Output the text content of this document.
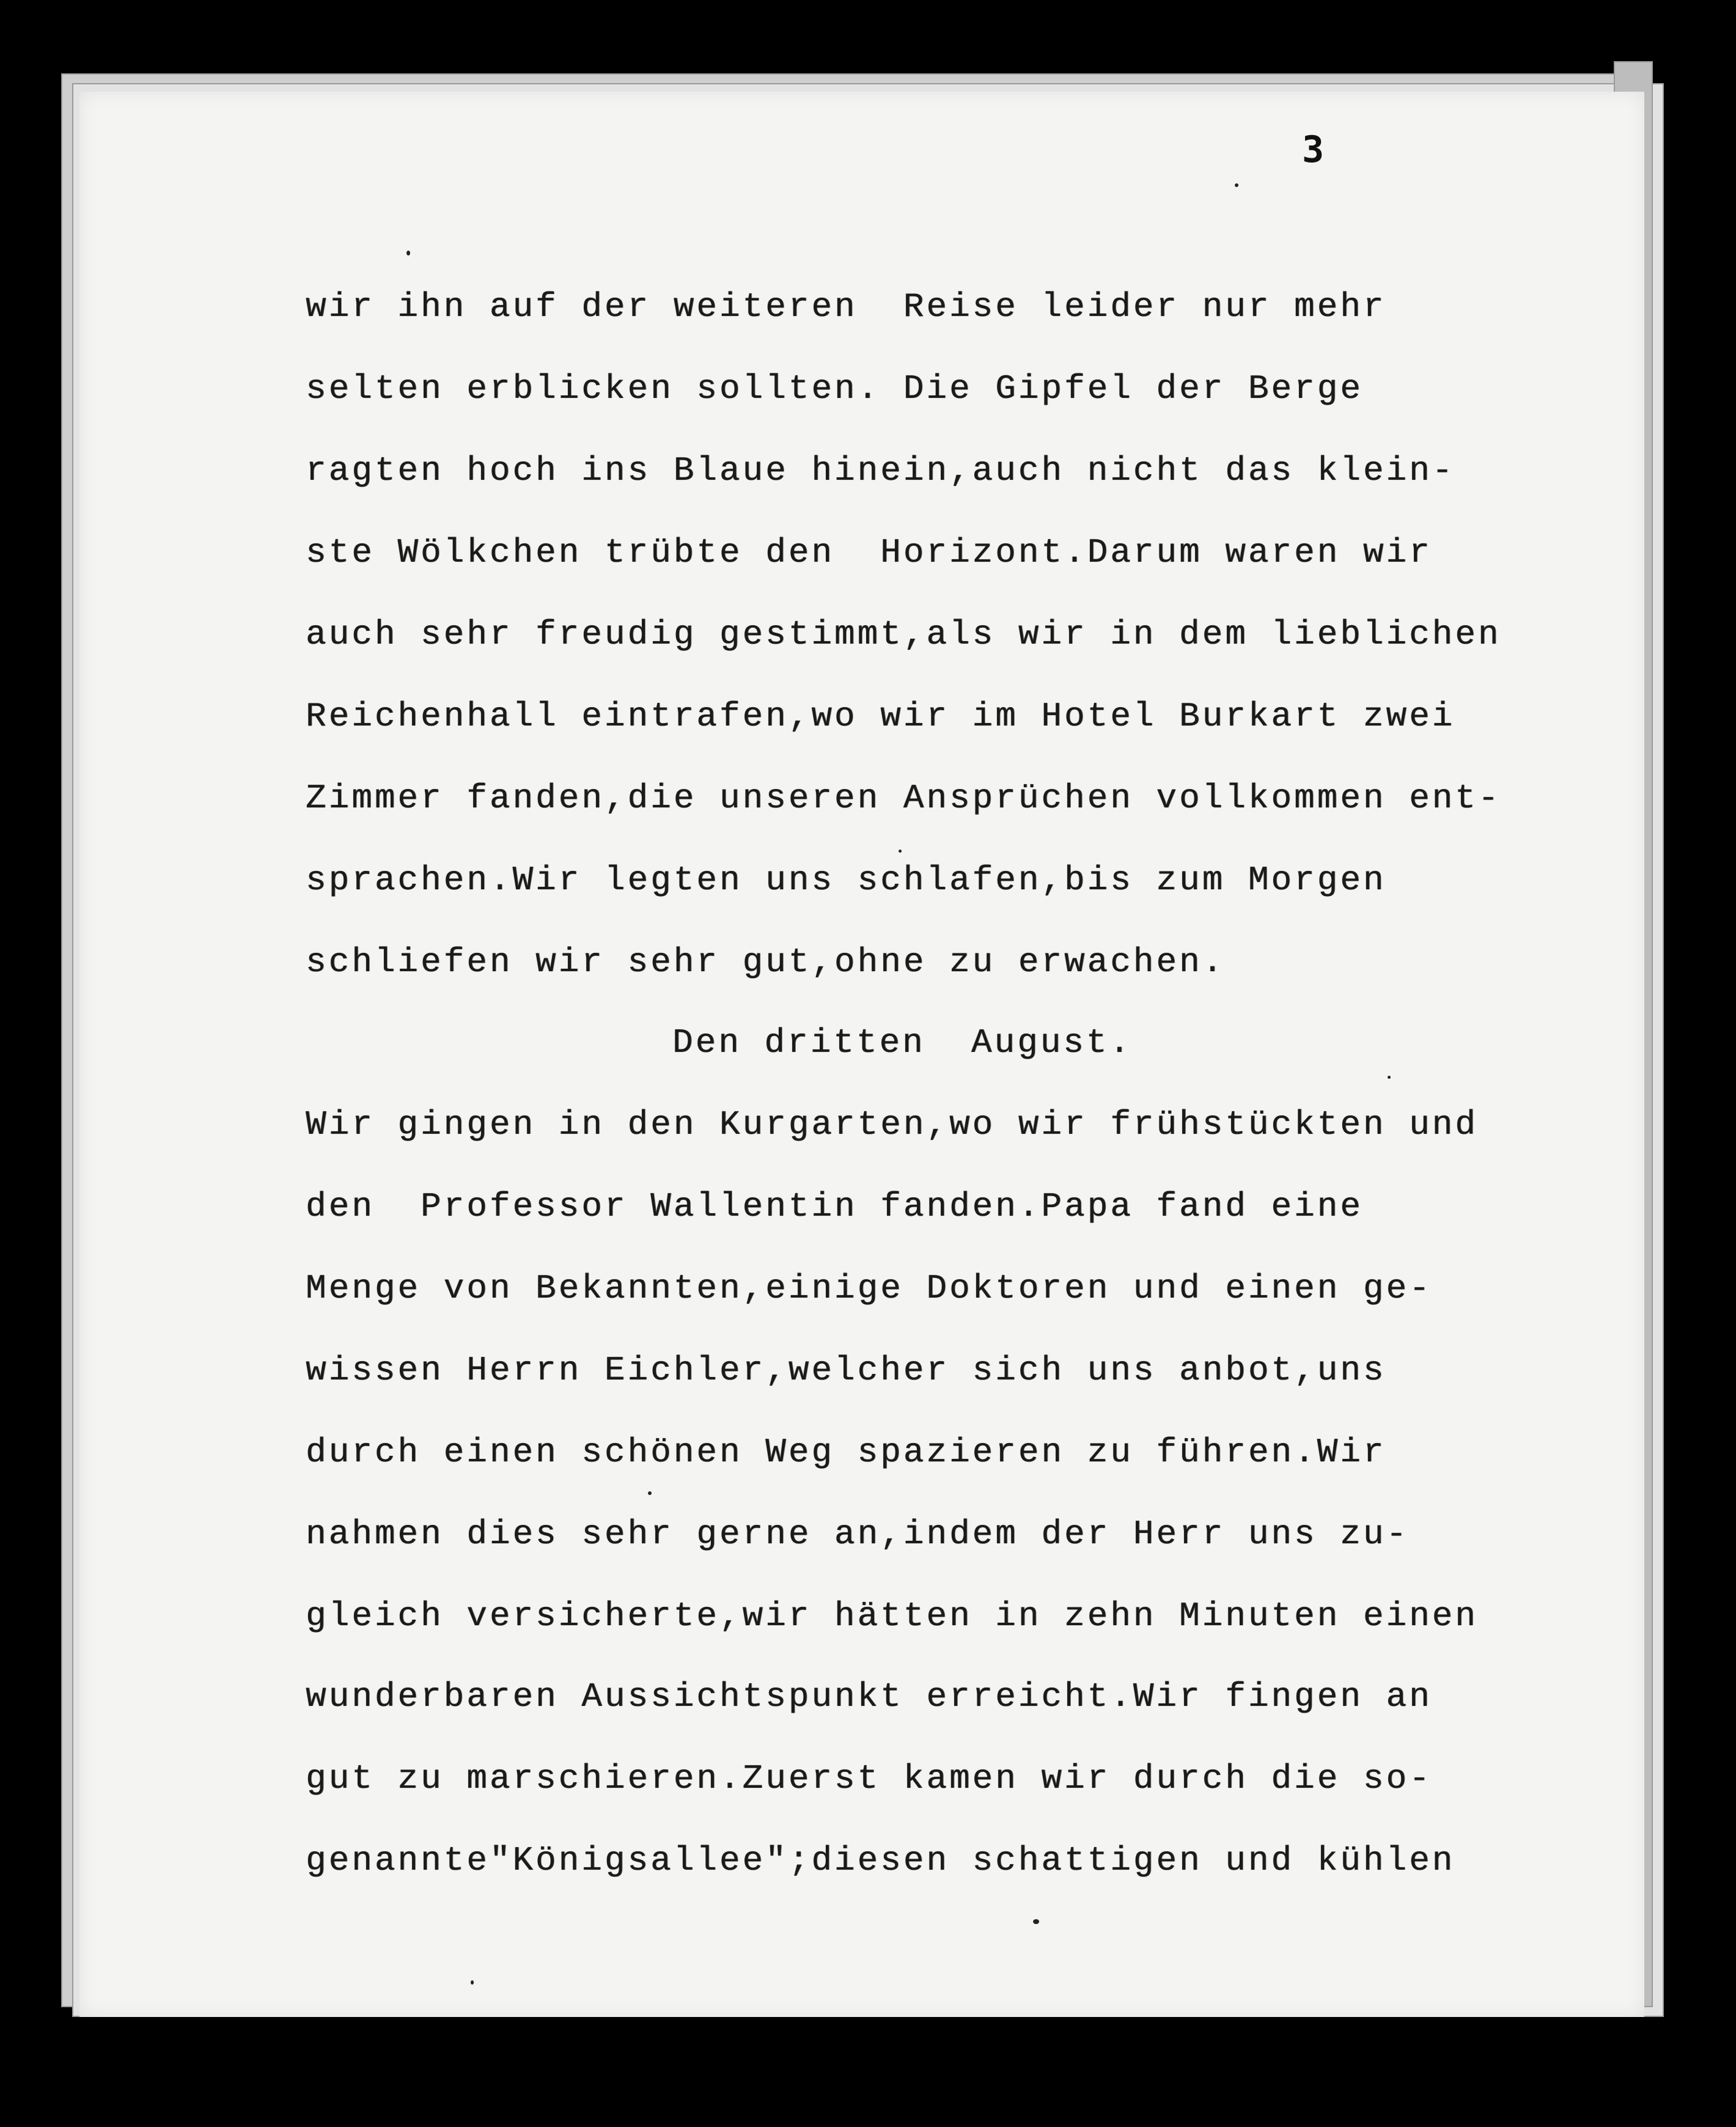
3
wir ihn auf der weiteren  Reise leider nur mehr
selten erblicken sollten. Die Gipfel der Berge
ragten hoch ins Blaue hinein,auch nicht das klein-
ste Wölkchen trübte den  Horizont.Darum waren wir
auch sehr freudig gestimmt,als wir in dem lieblichen
Reichenhall eintrafen,wo wir im Hotel Burkart zwei
Zimmer fanden,die unseren Ansprüchen vollkommen ent-
sprachen.Wir legten uns schlafen,bis zum Morgen
schliefen wir sehr gut,ohne zu erwachen.
Den dritten  August.
Wir gingen in den Kurgarten,wo wir frühstückten und
den  Professor Wallentin fanden.Papa fand eine
Menge von Bekannten,einige Doktoren und einen ge-
wissen Herrn Eichler,welcher sich uns anbot,uns
durch einen schönen Weg spazieren zu führen.Wir
nahmen dies sehr gerne an,indem der Herr uns zu-
gleich versicherte,wir hätten in zehn Minuten einen
wunderbaren Aussichtspunkt erreicht.Wir fingen an
gut zu marschieren.Zuerst kamen wir durch die so-
genannte"Königsallee";diesen schattigen und kühlen
